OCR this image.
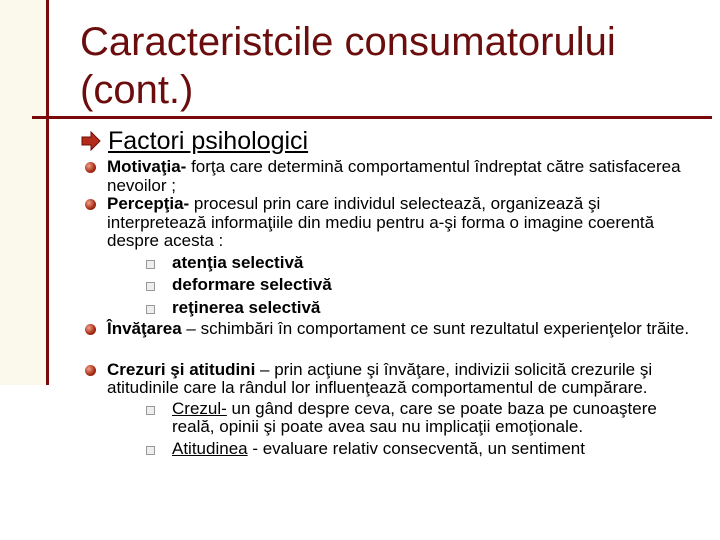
Caracteristcile consumatorului (cont.)
Factori psihologici
Motivaţia- forţa care determină comportamentul îndreptat către satisfacerea nevoilor ;
Percepţia- procesul prin care individul selectează, organizează şi interpretează informaţiile din mediu pentru a-şi forma o imagine coerentă despre acesta :
atenţia selectivă
deformare selectivă
reţinerea selectivă
Învăţarea – schimbări în comportament ce sunt rezultatul experienţelor trăite.
Crezuri şi atitudini – prin acţiune şi învăţare, indivizii solicită crezurile şi atitudinile care la rândul lor influenţează comportamentul de cumpărare.
Crezul- un gând despre ceva, care se poate baza pe cunoaştere reală, opinii şi poate avea sau nu implicaţii emoţionale.
Atitudinea - evaluare relativ consecventă, un sentiment
